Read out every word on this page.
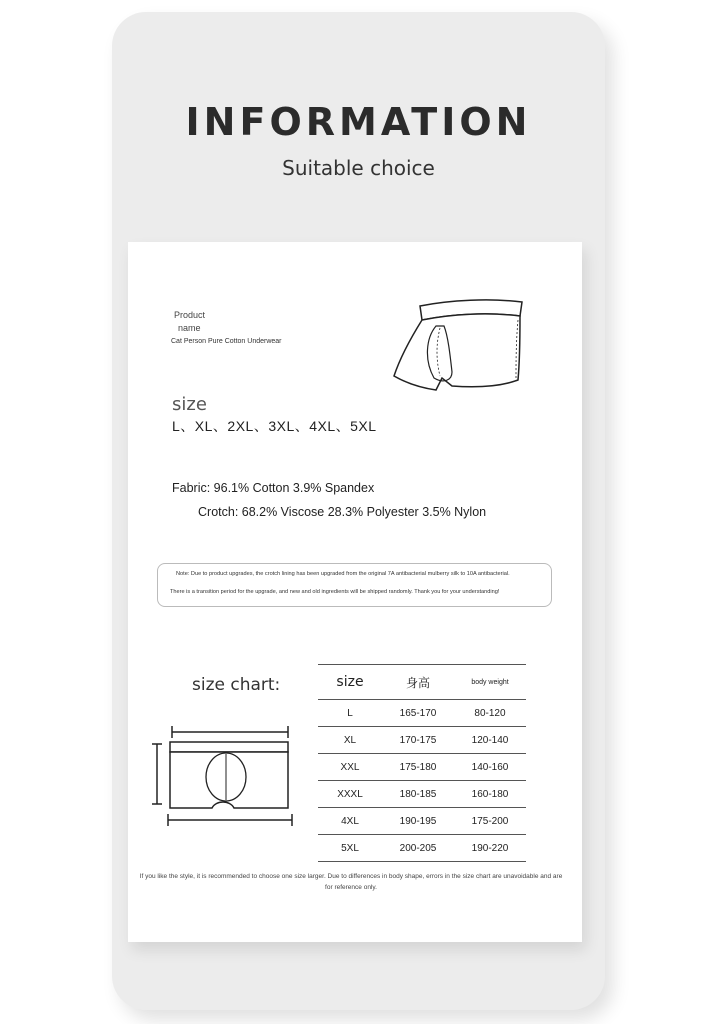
INFORMATION
Suitable choice
Product
name
Cat Person Pure Cotton Underwear
size
L、XL、2XL、3XL、4XL、5XL
Fabric: 96.1% Cotton 3.9% Spandex
Crotch: 68.2% Viscose 28.3% Polyester 3.5% Nylon
Note: Due to product upgrades, the crotch lining has been upgraded from the original 7A antibacterial mulberry silk to 10A antibacterial.
There is a transition period for the upgrade, and new and old ingredients will be shipped randomly. Thank you for your understanding!
size chart:	size	身高	body weight
L	165-170	80-120
XL	170-175	120-140
XXL	175-180	140-160
XXXL	180-185	160-180
4XL	190-195	175-200
5XL	200-205	190-220
If you like the style, it is recommended to choose one size larger. Due to differences in body shape, errors in the size chart are unavoidable and are for reference only.
